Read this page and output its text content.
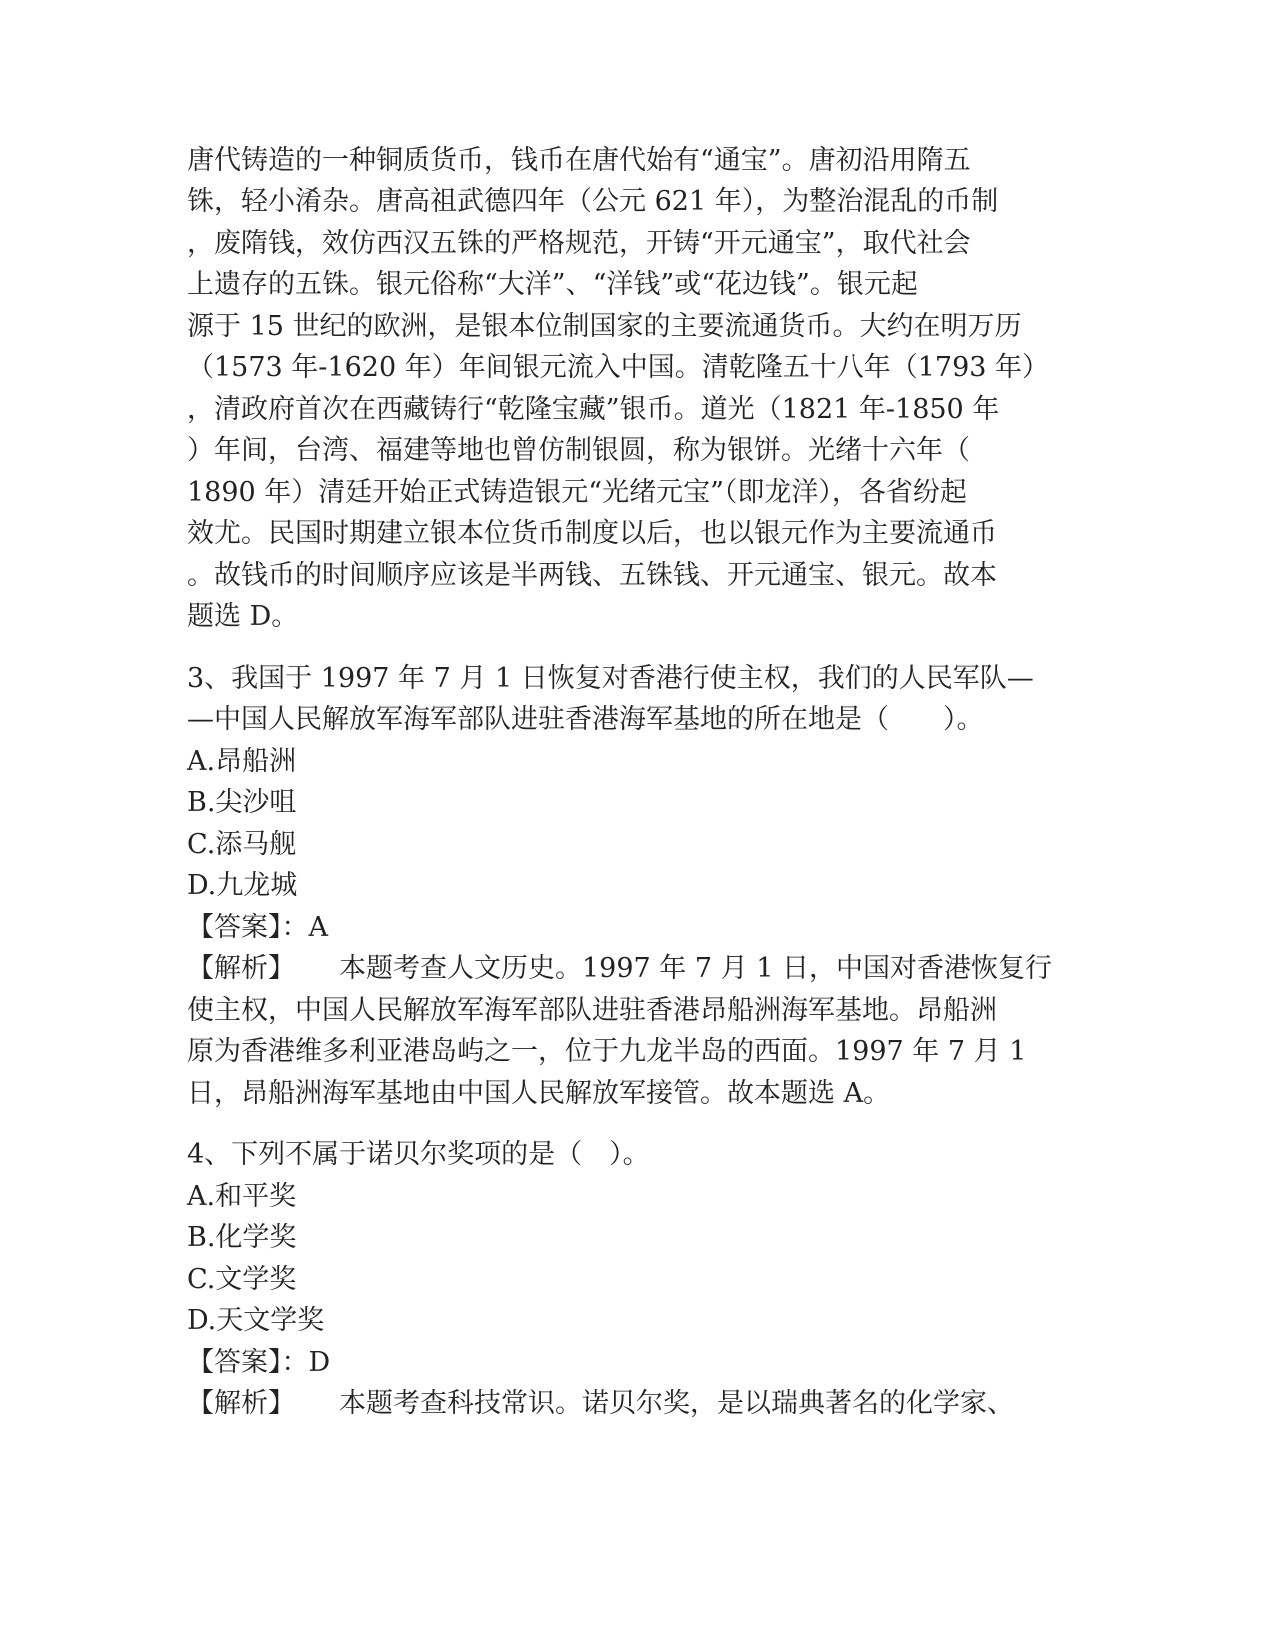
唐代铸造的一种铜质货币，钱币在唐代始有“通宝”。唐初沿用隋五
铢，轻小淆杂。唐高祖武德四年（公元 621 年），为整治混乱的币制
，废隋钱，效仿西汉五铢的严格规范，开铸“开元通宝”，取代社会
上遗存的五铢。银元俗称“大洋”、“洋钱”或“花边钱”。银元起
源于 15 世纪的欧洲，是银本位制国家的主要流通货币。大约在明万历
（1573 年-1620 年）年间银元流入中国。清乾隆五十八年（1793 年）
，清政府首次在西藏铸行“乾隆宝藏”银币。道光（1821 年-1850 年
）年间，台湾、福建等地也曾仿制银圆，称为银饼。光绪十六年（
1890 年）清廷开始正式铸造银元“光绪元宝”（即龙洋），各省纷起
效尤。民国时期建立银本位货币制度以后，也以银元作为主要流通币
。故钱币的时间顺序应该是半两钱、五铢钱、开元通宝、银元。故本
题选 D。
3、我国于 1997 年 7 月 1 日恢复对香港行使主权，我们的人民军队—
—中国人民解放军海军部队进驻香港海军基地的所在地是（　　）。
A.昂船洲
B.尖沙咀
C.添马舰
D.九龙城
【答案】：A
【解析】 本题考查人文历史。1997 年 7 月 1 日，中国对香港恢复行
使主权，中国人民解放军海军部队进驻香港昂船洲海军基地。昂船洲
原为香港维多利亚港岛屿之一，位于九龙半岛的西面。1997 年 7 月 1
日，昂船洲海军基地由中国人民解放军接管。故本题选 A。
4、下列不属于诺贝尔奖项的是（　）。
A.和平奖
B.化学奖
C.文学奖
D.天文学奖
【答案】：D
【解析】 本题考查科技常识。诺贝尔奖，是以瑞典著名的化学家、
